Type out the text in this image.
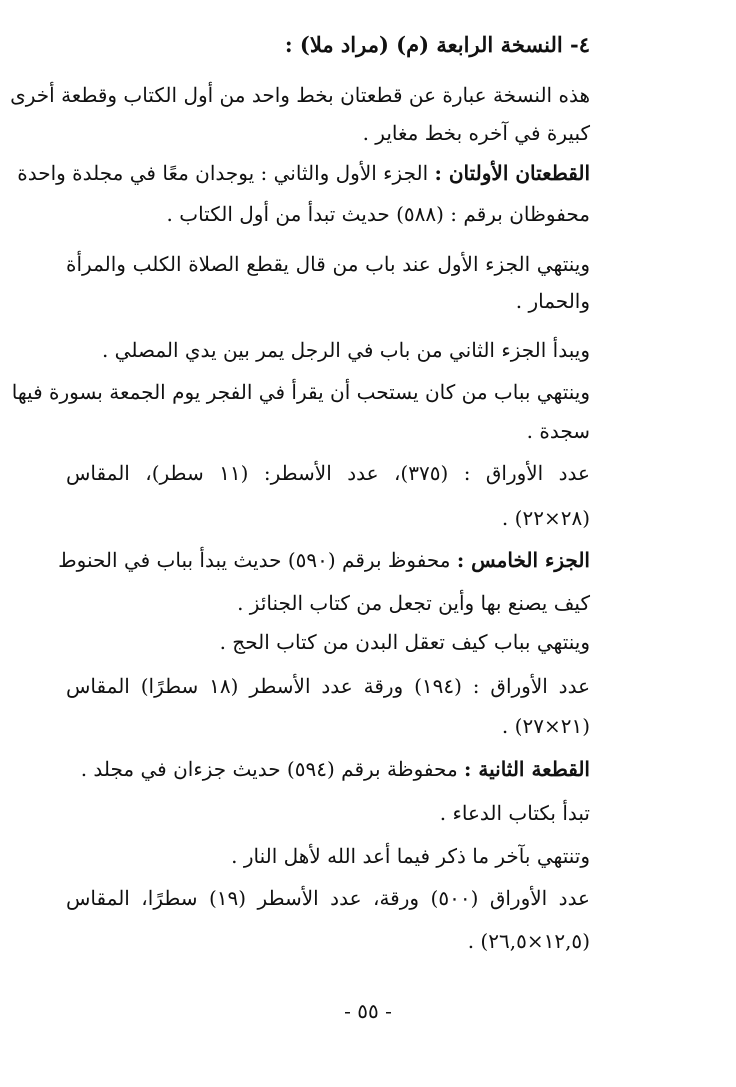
٤- النسخة الرابعة (م) (مراد ملا) :
هذه النسخة عبارة عن قطعتان بخط واحد من أول الكتاب وقطعة أخرى
كبيرة في آخره بخط مغاير .
القطعتان الأولتان : الجزء الأول والثاني : يوجدان معًا في مجلدة واحدة
محفوظان برقم : (٥٨٨) حديث تبدأ من أول الكتاب .
وينتهي الجزء الأول عند باب من قال يقطع الصلاة الكلب والمرأة
والحمار .
ويبدأ الجزء الثاني من باب في الرجل يمر بين يدي المصلي .
وينتهي بباب من كان يستحب أن يقرأ في الفجر يوم الجمعة بسورة فيها
سجدة .
عدد الأوراق : (٣٧٥)، عدد الأسطر: (١١ سطر)، المقاس
(٢٨×٢٢) .
الجزء الخامس : محفوظ برقم (٥٩٠) حديث يبدأ بباب في الحنوط
كيف يصنع بها وأين تجعل من كتاب الجنائز .
وينتهي بباب كيف تعقل البدن من كتاب الحج .
عدد الأوراق : (١٩٤) ورقة عدد الأسطر (١٨ سطرًا) المقاس
(٢١×٢٧) .
القطعة الثانية : محفوظة برقم (٥٩٤) حديث جزءان في مجلد .
تبدأ بكتاب الدعاء .
وتنتهي بآخر ما ذكر فيما أعد الله لأهل النار .
عدد الأوراق (٥٠٠) ورقة، عدد الأسطر (١٩) سطرًا، المقاس
(١٢,٥×٢٦,٥) .
- ٥٥ -
